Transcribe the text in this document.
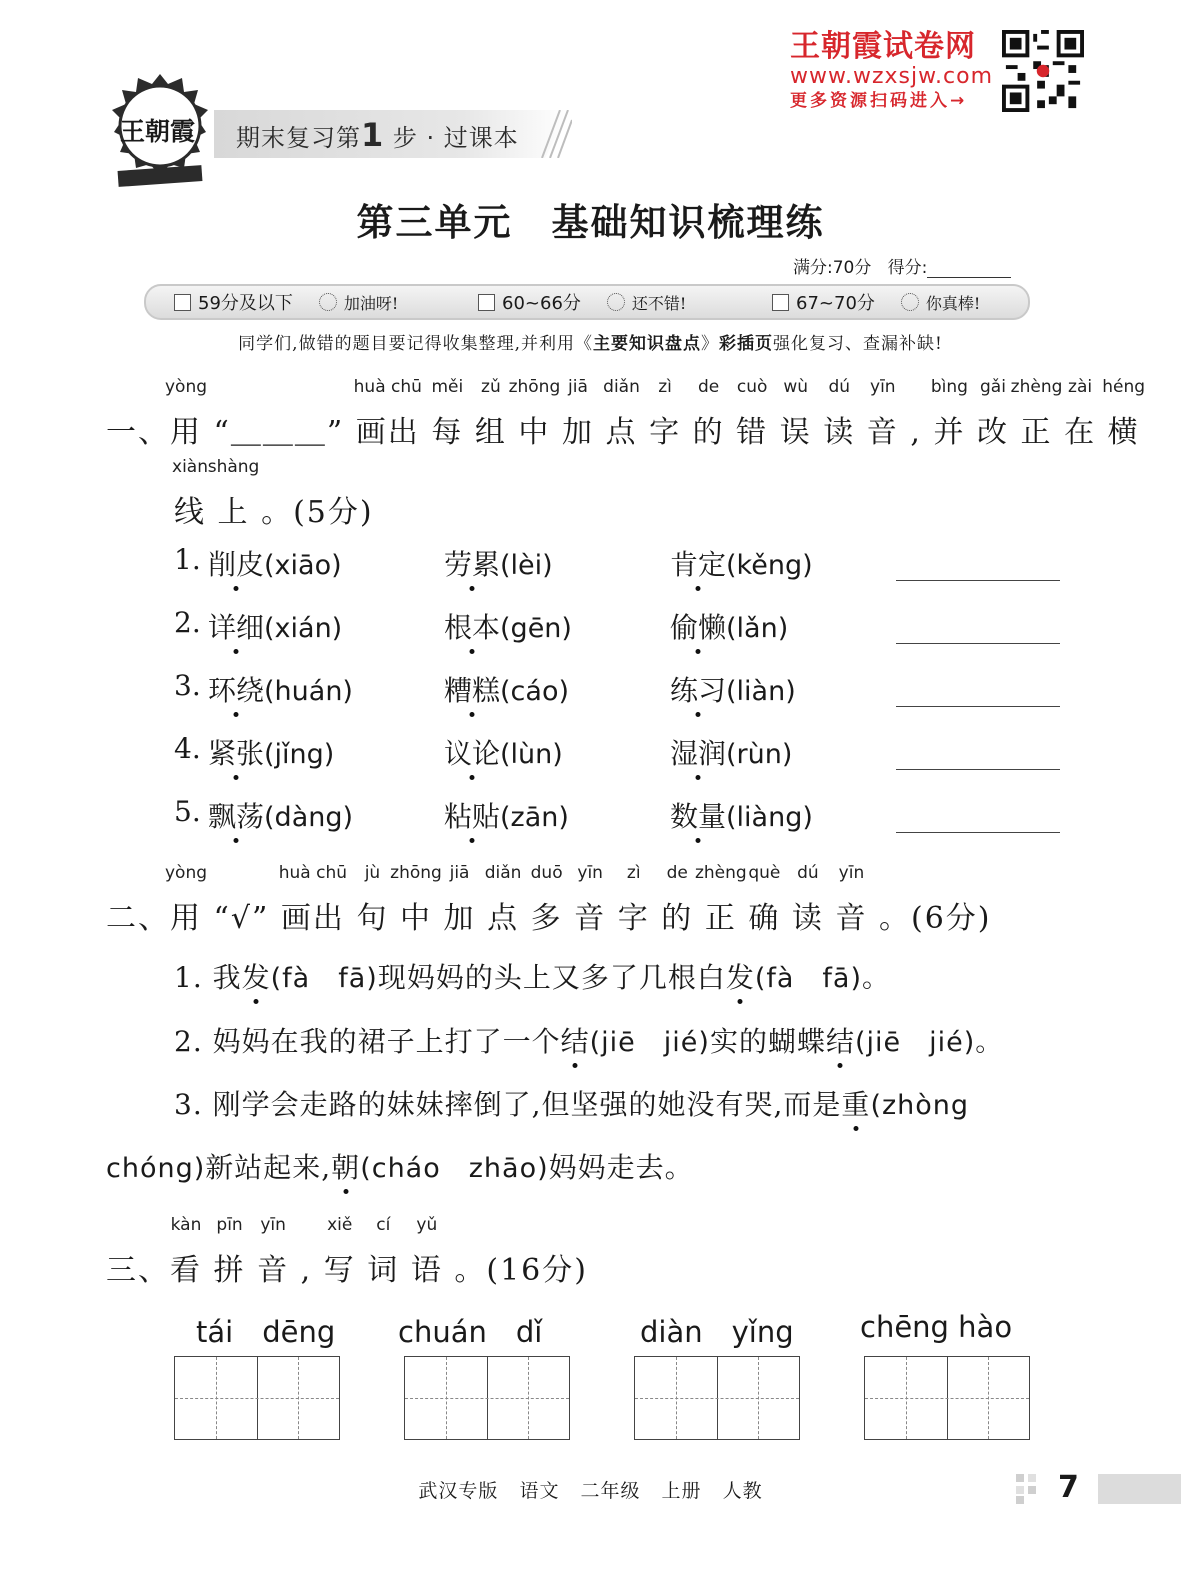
王朝霞 期末复习第1 步 · 过课本
王朝霞试卷网
www.wzxsjw.com
更多资源扫码进入→
第三单元　基础知识梳理练
满分:70分 得分:
59分及以下	加油呀!	60~66分	还不错!	67~70分	你真棒!
同学们,做错的题目要记得收集整理,并利用《主要知识盘点》彩插页强化复习、查漏补缺!
一、
yòng
用 “＿＿＿”
huà chū
画出
měi
每
zǔ
组
zhōng
中
jiā
加
diǎn
点
zì
字
de
的
cuò
错
wù
误
dú
读
yīn
音 ,
bìng
并
gǎi
改
zhèng
正
zài
在
héng
横
xiàn
线
shàng
上 。(5分)
1. 削皮(xiāo)	劳累(lèi)	肯定(kěng)
2. 详细(xián)	根本(gēn)	偷懒(lǎn)
3. 环绕(huán)	糟糕(cáo)	练习(liàn)
4. 紧张(jǐng)	议论(lùn)	湿润(rùn)
5. 飘荡(dàng)	粘贴(zān)	数量(liàng)
二、
yòng
用 “√”
huà chū
画出
jù
句
zhōng
中
jiā
加
diǎn
点
duō
多
yīn
音
zì
字
de
的
zhèng
正
què
确
dú
读
yīn
音 。(6分)
1. 我发(fà　fā)现妈妈的头上又多了几根白发(fà　fā)。
2. 妈妈在我的裙子上打了一个结(jiē　jié)实的蝴蝶结(jiē　jié)。
3. 刚学会走路的妹妹摔倒了,但坚强的她没有哭,而是重(zhòng
chóng)新站起来,朝(cháo　zhāo)妈妈走去。
三、
kàn
看
pīn
拼
yīn
音 ,
xiě
写
cí
词
yǔ
语 。(16分)
tái　dēng chuán　dǐ	diàn　yǐng chēng hào
武汉专版 语文 二年级 上册 人教	7
